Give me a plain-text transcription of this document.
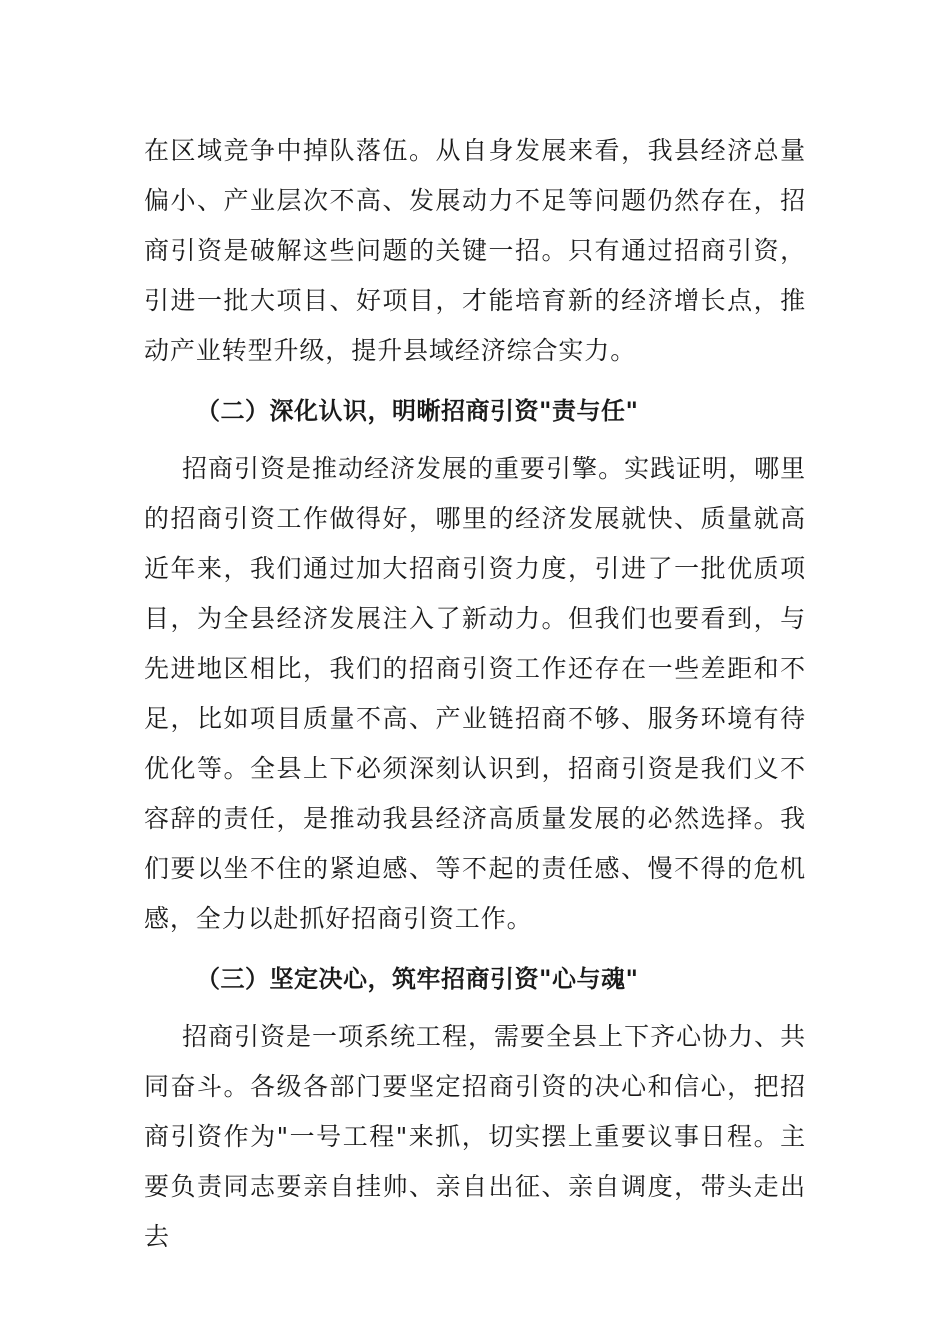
在区域竞争中掉队落伍。从自身发展来看，我县经济总量偏小、产业层次不高、发展动力不足等问题仍然存在，招商引资是破解这些问题的关键一招。只有通过招商引资，引进一批大项目、好项目，才能培育新的经济增长点，推动产业转型升级，提升县域经济综合实力。

（二）深化认识，明晰招商引资"责与任"

招商引资是推动经济发展的重要引擎。实践证明，哪里的招商引资工作做得好，哪里的经济发展就快、质量就高近年来，我们通过加大招商引资力度，引进了一批优质项目，为全县经济发展注入了新动力。但我们也要看到，与先进地区相比，我们的招商引资工作还存在一些差距和不足，比如项目质量不高、产业链招商不够、服务环境有待优化等。全县上下必须深刻认识到，招商引资是我们义不容辞的责任，是推动我县经济高质量发展的必然选择。我们要以坐不住的紧迫感、等不起的责任感、慢不得的危机感，全力以赴抓好招商引资工作。

（三）坚定决心，筑牢招商引资"心与魂"

招商引资是一项系统工程，需要全县上下齐心协力、共同奋斗。各级各部门要坚定招商引资的决心和信心，把招商引资作为"一号工程"来抓，切实摆上重要议事日程。主要负责同志要亲自挂帅、亲自出征、亲自调度，带头走出去
